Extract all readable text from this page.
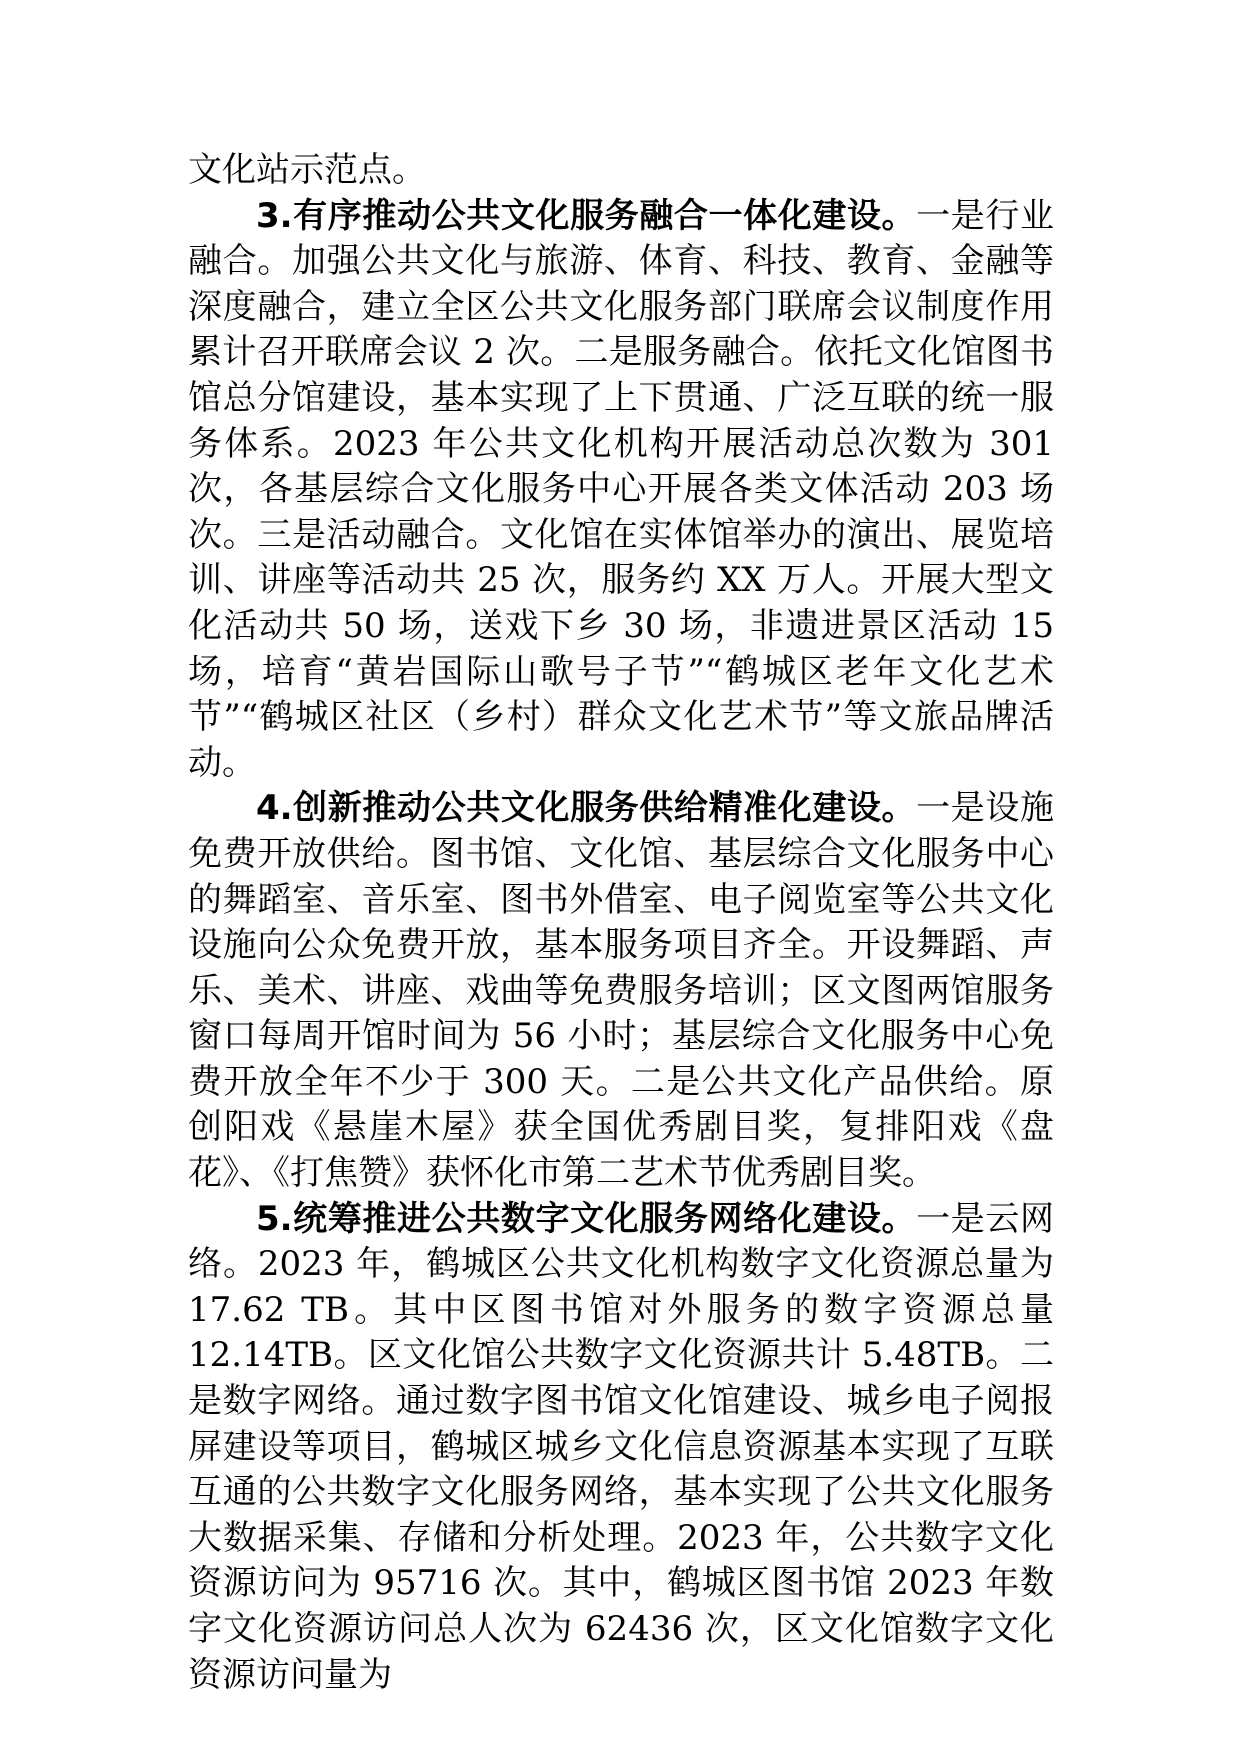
文化站示范点。

3.有序推动公共文化服务融合一体化建设。一是行业融合。加强公共文化与旅游、体育、科技、教育、金融等深度融合，建立全区公共文化服务部门联席会议制度作用累计召开联席会议 2 次。二是服务融合。依托文化馆图书馆总分馆建设，基本实现了上下贯通、广泛互联的统一服务体系。2023 年公共文化机构开展活动总次数为 301 次，各基层综合文化服务中心开展各类文体活动 203 场次。三是活动融合。文化馆在实体馆举办的演出、展览培训、讲座等活动共 25 次，服务约 XX 万人。开展大型文化活动共 50 场，送戏下乡 30 场，非遗进景区活动 15 场，培育“黄岩国际山歌号子节”“鹤城区老年文化艺术节”“鹤城区社区（乡村）群众文化艺术节”等文旅品牌活动。

4.创新推动公共文化服务供给精准化建设。一是设施免费开放供给。图书馆、文化馆、基层综合文化服务中心的舞蹈室、音乐室、图书外借室、电子阅览室等公共文化设施向公众免费开放，基本服务项目齐全。开设舞蹈、声乐、美术、讲座、戏曲等免费服务培训；区文图两馆服务窗口每周开馆时间为 56 小时；基层综合文化服务中心免费开放全年不少于 300 天。二是公共文化产品供给。原创阳戏《悬崖木屋》获全国优秀剧目奖，复排阳戏《盘花》、《打焦赞》获怀化市第二艺术节优秀剧目奖。

5.统筹推进公共数字文化服务网络化建设。一是云网络。2023 年，鹤城区公共文化机构数字文化资源总量为 17.62 TB。其中区图书馆对外服务的数字资源总量 12.14TB。区文化馆公共数字文化资源共计 5.48TB。二是数字网络。通过数字图书馆文化馆建设、城乡电子阅报屏建设等项目，鹤城区城乡文化信息资源基本实现了互联互通的公共数字文化服务网络，基本实现了公共文化服务大数据采集、存储和分析处理。2023 年，公共数字文化资源访问为 95716 次。其中，鹤城区图书馆 2023 年数字文化资源访问总人次为 62436 次，区文化馆数字文化资源访问量为
